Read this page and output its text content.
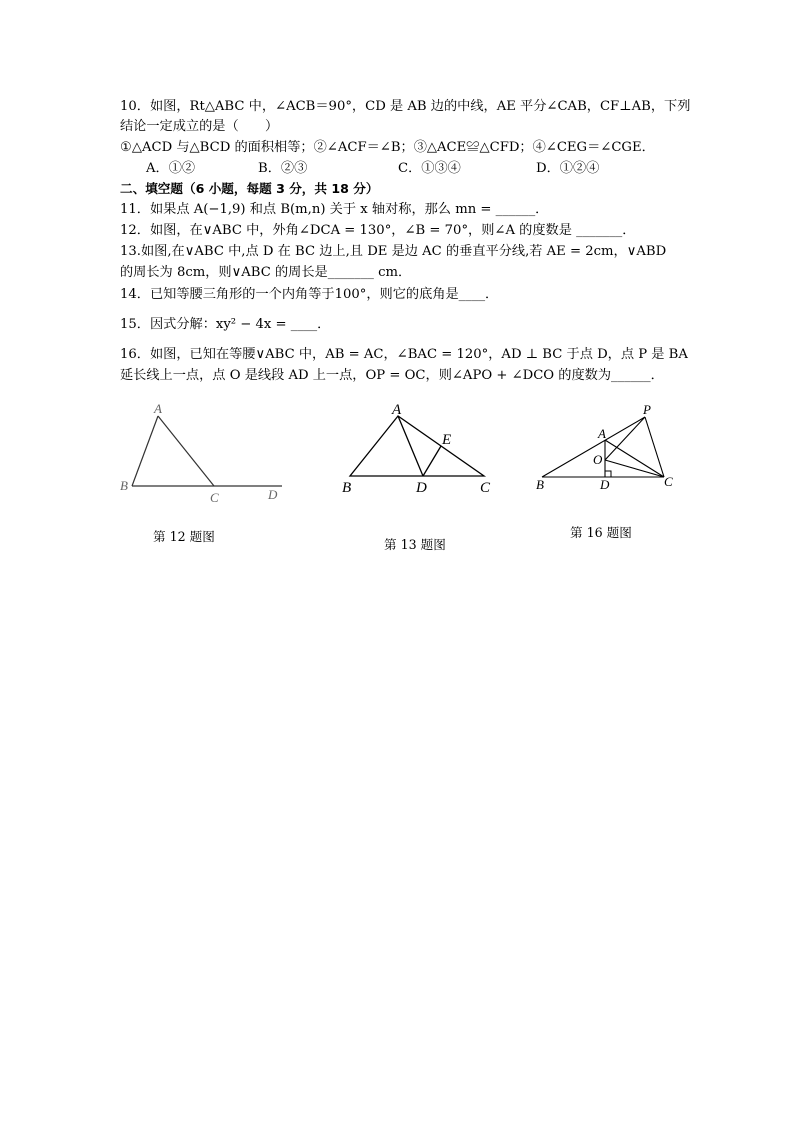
10．如图，Rt△ABC 中，∠ACB＝90°，CD 是 AB 边的中线，AE 平分∠CAB，CF⊥AB，下列
结论一定成立的是（　　）
①△ACD 与△BCD 的面积相等；②∠ACF＝∠B；③△ACE≌△CFD；④∠CEG＝∠CGE．
A．①②	B．②③	C．①③④	D．①②④
二、填空题（6 小题，每题 3 分，共 18 分）
11．如果点 A(−1,9) 和点 B(m,n) 关于 x 轴对称，那么 mn = ______．
12．如图，在∨ABC 中，外角∠DCA = 130°，∠B = 70°，则∠A 的度数是 _______．
13.如图,在∨ABC 中,点 D 在 BC 边上,且 DE 是边 AC 的垂直平分线,若 AE = 2cm，∨ABD
的周长为 8cm，则∨ABC 的周长是_______ cm．
14．已知等腰三角形的一个内角等于100°，则它的底角是____．
15．因式分解：xy² − 4x = ____．
16．如图，已知在等腰∨ABC 中，AB = AC，∠BAC = 120°，AD ⊥ BC 于点 D，点 P 是 BA
延长线上一点，点 O 是线段 AD 上一点，OP = OC，则∠APO + ∠DCO 的度数为______．
A
B
C	D
第 12 题图
A
E
B	D	C
第 13 题图
P
A
O
B	D	C
第 16 题图
